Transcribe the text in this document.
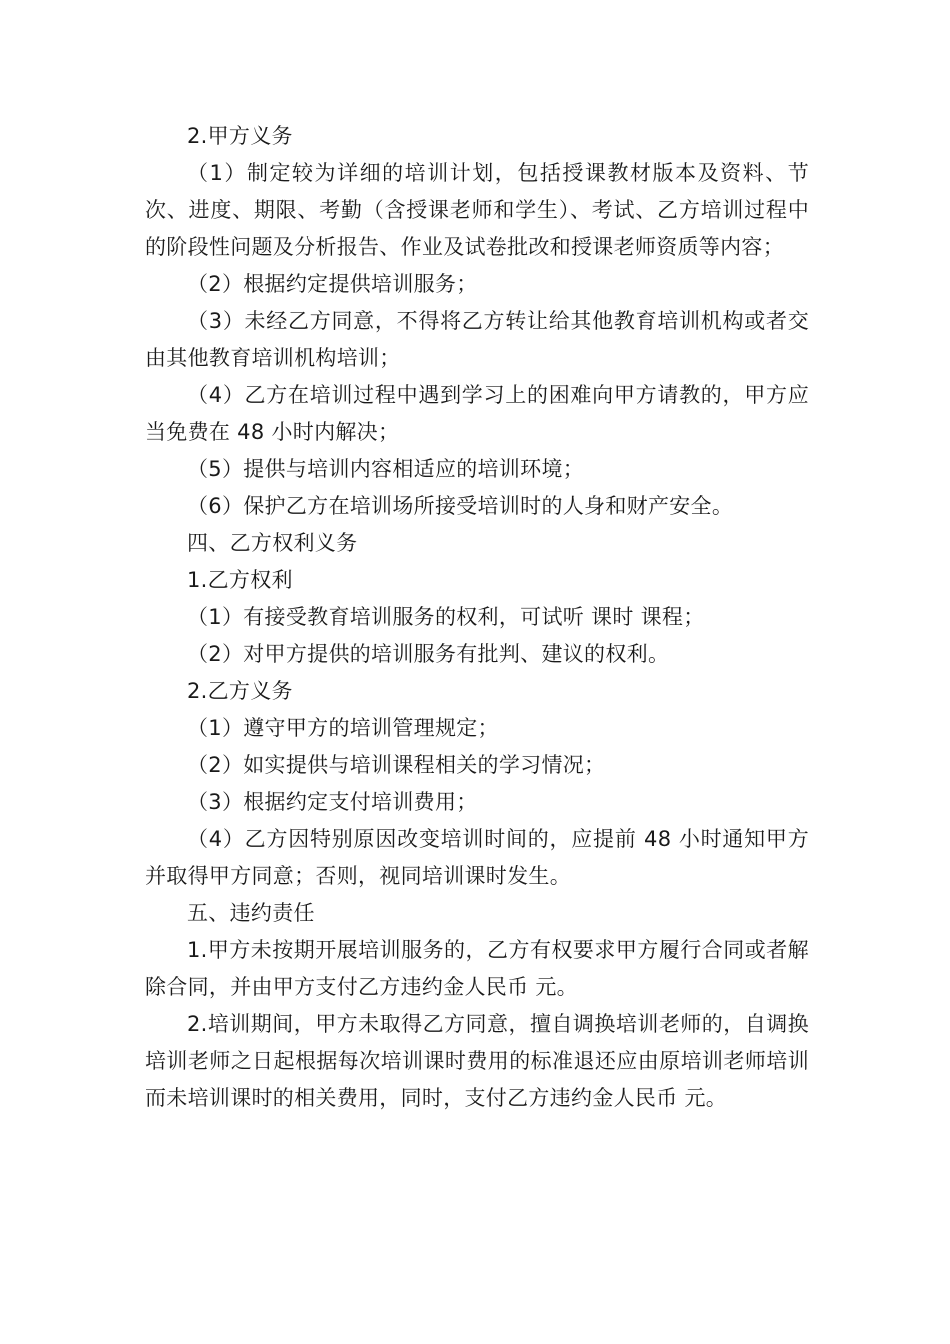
2.甲方义务

（1）制定较为详细的培训计划，包括授课教材版本及资料、节次、进度、期限、考勤（含授课老师和学生）、考试、乙方培训过程中的阶段性问题及分析报告、作业及试卷批改和授课老师资质等内容；

（2）根据约定提供培训服务；

（3）未经乙方同意，不得将乙方转让给其他教育培训机构或者交由其他教育培训机构培训；

（4）乙方在培训过程中遇到学习上的困难向甲方请教的，甲方应当免费在 48 小时内解决；

（5）提供与培训内容相适应的培训环境；

（6）保护乙方在培训场所接受培训时的人身和财产安全。

四、乙方权利义务

1.乙方权利

（1）有接受教育培训服务的权利，可试听 课时 课程；

（2）对甲方提供的培训服务有批判、建议的权利。

2.乙方义务

（1）遵守甲方的培训管理规定；

（2）如实提供与培训课程相关的学习情况；

（3）根据约定支付培训费用；

（4）乙方因特别原因改变培训时间的，应提前 48 小时通知甲方并取得甲方同意；否则，视同培训课时发生。

五、违约责任

1.甲方未按期开展培训服务的，乙方有权要求甲方履行合同或者解除合同，并由甲方支付乙方违约金人民币 元。

2.培训期间，甲方未取得乙方同意，擅自调换培训老师的，自调换培训老师之日起根据每次培训课时费用的标准退还应由原培训老师培训而未培训课时的相关费用，同时，支付乙方违约金人民币 元。
